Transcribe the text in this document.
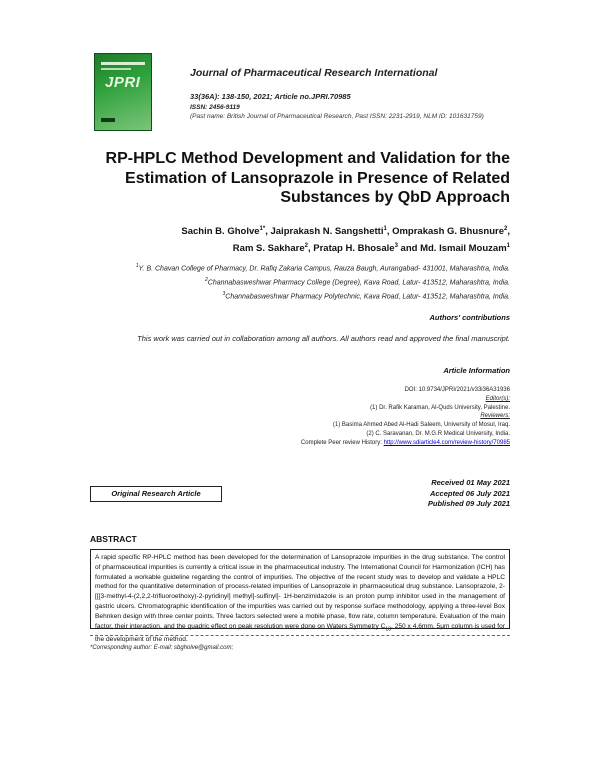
JPRI
Journal of Pharmaceutical Research International
33(36A): 138-150, 2021; Article no.JPRI.70985
ISSN: 2456-9119
(Past name: British Journal of Pharmaceutical Research, Past ISSN: 2231-2919, NLM ID: 101631759)
RP-HPLC Method Development and Validation for the Estimation of Lansoprazole in Presence of Related Substances by QbD Approach
Sachin B. Gholve$^{1*}$, Jaiprakash N. Sangshetti$^1$, Omprakash G. Bhusnure$^2$,
Ram S. Sakhare$^2$, Pratap H. Bhosale$^3$ and Md. Ismail Mouzam$^1$
$^1$Y. B. Chavan College of Pharmacy, Dr. Rafiq Zakaria Campus, Rauza Baugh, Aurangabad- 431001, Maharashtra, India.
$^2$Channabasweshwar Pharmacy College (Degree), Kava Road, Latur- 413512, Maharashtra, India.
$^3$Channabasweshwar Pharmacy Polytechnic, Kava Road, Latur- 413512, Maharashtra, India.
Authors' contributions
This work was carried out in collaboration among all authors. All authors read and approved the final manuscript.
Article Information
DOI: 10.9734/JPRI/2021/v33i36A31936
Editor(s):
(1) Dr. Rafik Karaman, Al-Quds University, Palestine.
Reviewers:
(1) Basima Ahmed Abed Al-Hadi Saleem, University of Mosul, Iraq.
(2) C. Saravanan, Dr. M.G.R Medical University, India.
Complete Peer review History: http://www.sdiarticle4.com/review-history/70985
Original Research Article
Received 01 May 2021
Accepted 06 July 2021
Published 09 July 2021
ABSTRACT
A rapid specific RP-HPLC method has been developed for the determination of Lansoprazole impurities in the drug substance. The control of pharmaceutical impurities is currently a critical issue in the pharmaceutical industry. The International Council for Harmonization (ICH) has formulated a workable guideline regarding the control of impurities. The objective of the recent study was to develop and validate a HPLC method for the quantitative determination of process-related impurities of Lansoprazole in pharmaceutical drug substance. Lansoprazole, 2-[[[3-methyl-4-(2,2,2-trifluoroethoxy)-2-pyridinyl] methyl]-sulfinyl]- 1H-benzimidazole is an proton pump inhibitor used in the management of gastric ulcers. Chromatographic identification of the impurities was carried out by response surface methodology, applying a three-level Box Behnken design with three center points. Three factors selected were a mobile phase, flow rate, column temperature. Evaluation of the main factor, their interaction, and the quadric effect on peak resolution were done on Waters Symmetry $C_{18}$, 250 x 4.6mm, 5μm column is used for the development of the method.
*Corresponding author: E-mail: sbgholve@gmail.com;
